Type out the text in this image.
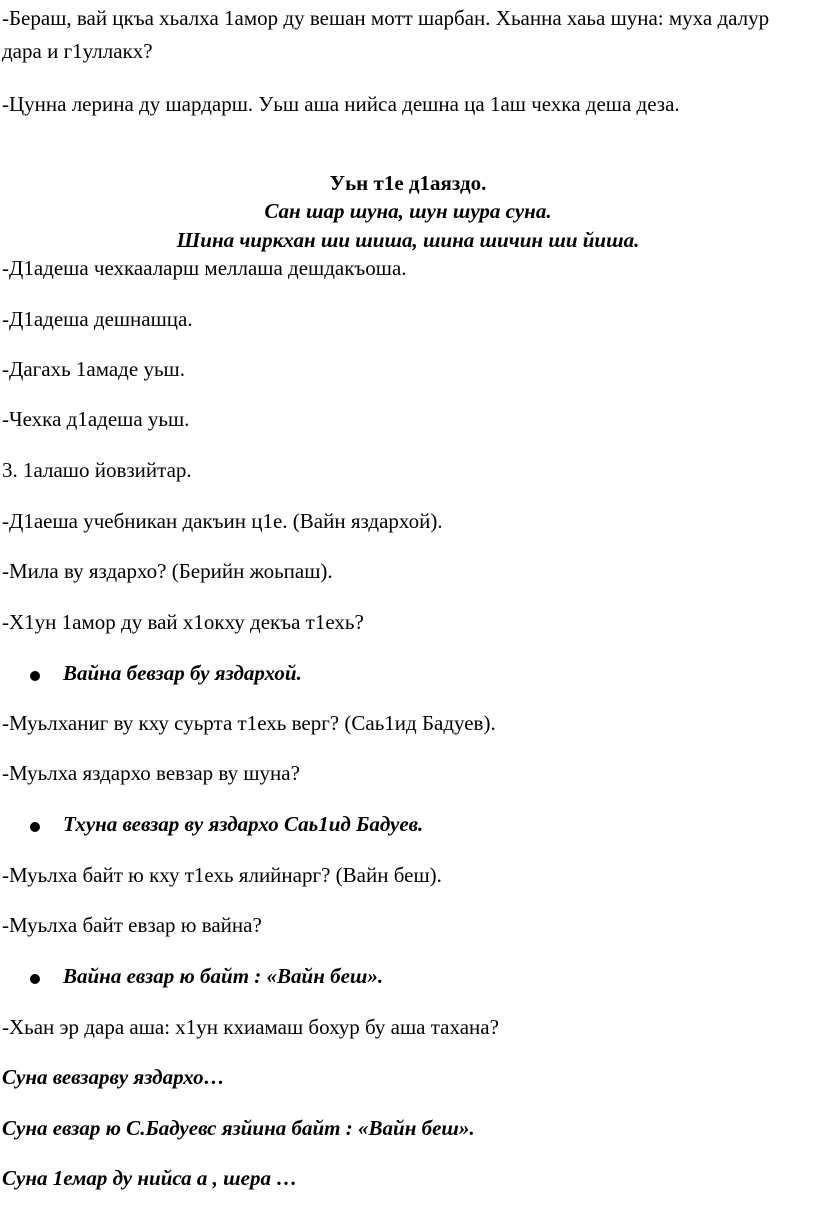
-Бераш, вай цкъа хьалха 1амор ду вешан мотт шарбан. Хьанна хаьа шуна: муха далур дара и г1уллакх?

-Цунна лерина ду шардарш. Уьш аша нийса дешна ца 1аш чехка деша деза.

Уьн т1е д1аяздо.

Сан шар шуна, шун шура суна.

Шина чиркхан ши шиша, шина шичин ши йиша.

-Д1адеша чехкааларш меллаша дешдакъоша.

-Д1адеша дешнашца.

-Дагахь 1амаде уьш.

-Чехка д1адеша уьш.

3. 1алашо йовзийтар.

-Д1аеша учебникан дакъин ц1е. (Вайн яздархой).

-Мила ву яздархо? (Берийн жоьпаш).

-Х1ун 1амор ду вай х1окху декъа т1ехь?

Вайна бевзар бу яздархой.

-Муьлханиг ву кху суьрта т1ехь верг? (Саь1ид Бадуев).

-Муьлха яздархо вевзар ву шуна?

Тхуна вевзар ву яздархо Саь1ид Бадуев.

-Муьлха байт ю кху т1ехь ялийнарг? (Вайн беш).

-Муьлха байт евзар ю вайна?

Вайна евзар ю байт : «Вайн беш».

-Хьан эр дара аша: х1ун кхиамаш бохур бу аша тахана?

Суна вевзарву яздархо…

Суна евзар ю С.Бадуевс язйина байт : «Вайн беш».

Суна 1емар ду нийса а , шера …
